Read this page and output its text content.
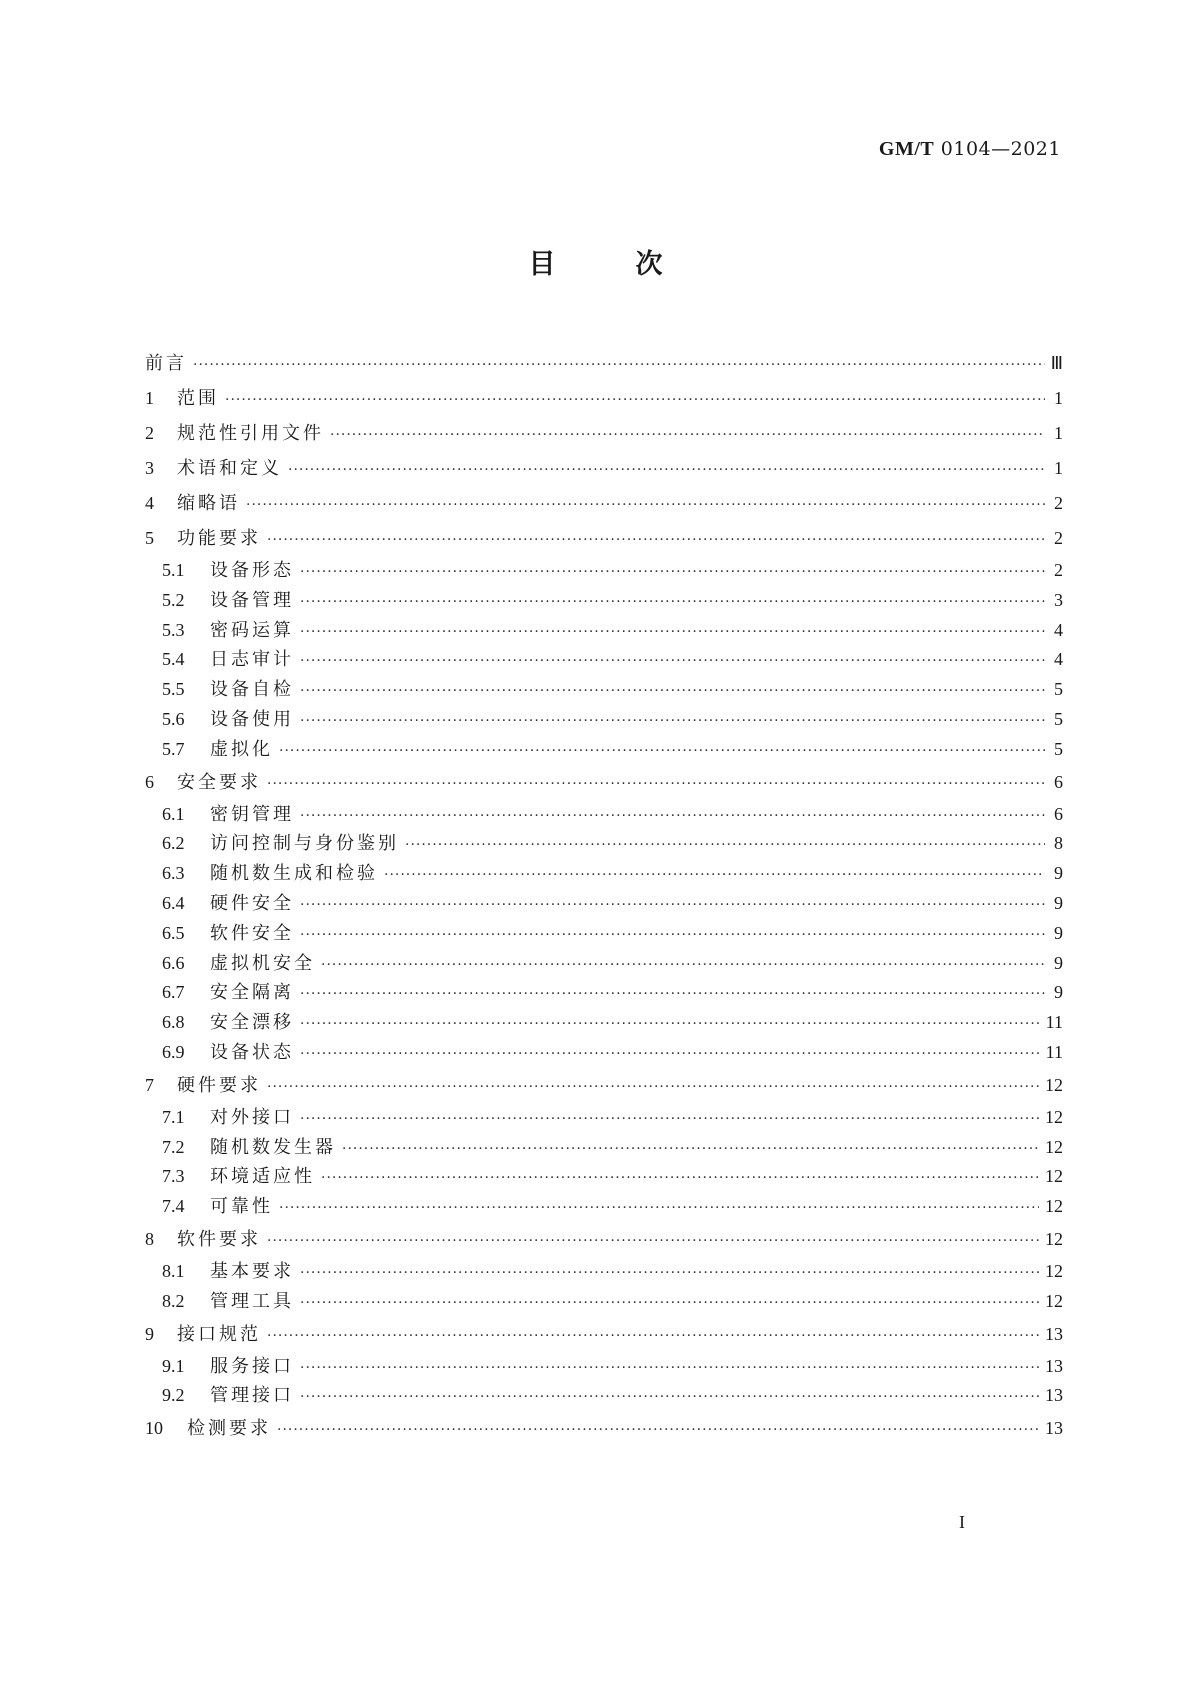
GM/T 0104—2021
目	次
前言 ·····	Ⅲ
1	范围 ·····	1
2	规范性引用文件 ·····	1
3	术语和定义 ·····	1
4	缩略语 ·····	2
5	功能要求 ·····	2
5.1	设备形态 ·····	2
5.2	设备管理 ·····	3
5.3	密码运算 ·····	4
5.4	日志审计 ·····	4
5.5	设备自检 ·····	5
5.6	设备使用 ·····	5
5.7	虚拟化 ·····	5
6	安全要求 ·····	6
6.1	密钥管理 ·····	6
6.2	访问控制与身份鉴别 ·····	8
6.3	随机数生成和检验 ·····	9
6.4	硬件安全 ·····	9
6.5	软件安全 ·····	9
6.6	虚拟机安全 ·····	9
6.7	安全隔离 ·····	9
6.8	安全漂移 ·····	11
6.9	设备状态 ·····	11
7	硬件要求 ·····	12
7.1	对外接口 ·····	12
7.2	随机数发生器 ·····	12
7.3	环境适应性 ·····	12
7.4	可靠性 ·····	12
8	软件要求 ·····	12
8.1	基本要求 ·····	12
8.2	管理工具 ·····	12
9	接口规范 ·····	13
9.1	服务接口 ·····	13
9.2	管理接口 ·····	13
10	检测要求 ·····	13
I
